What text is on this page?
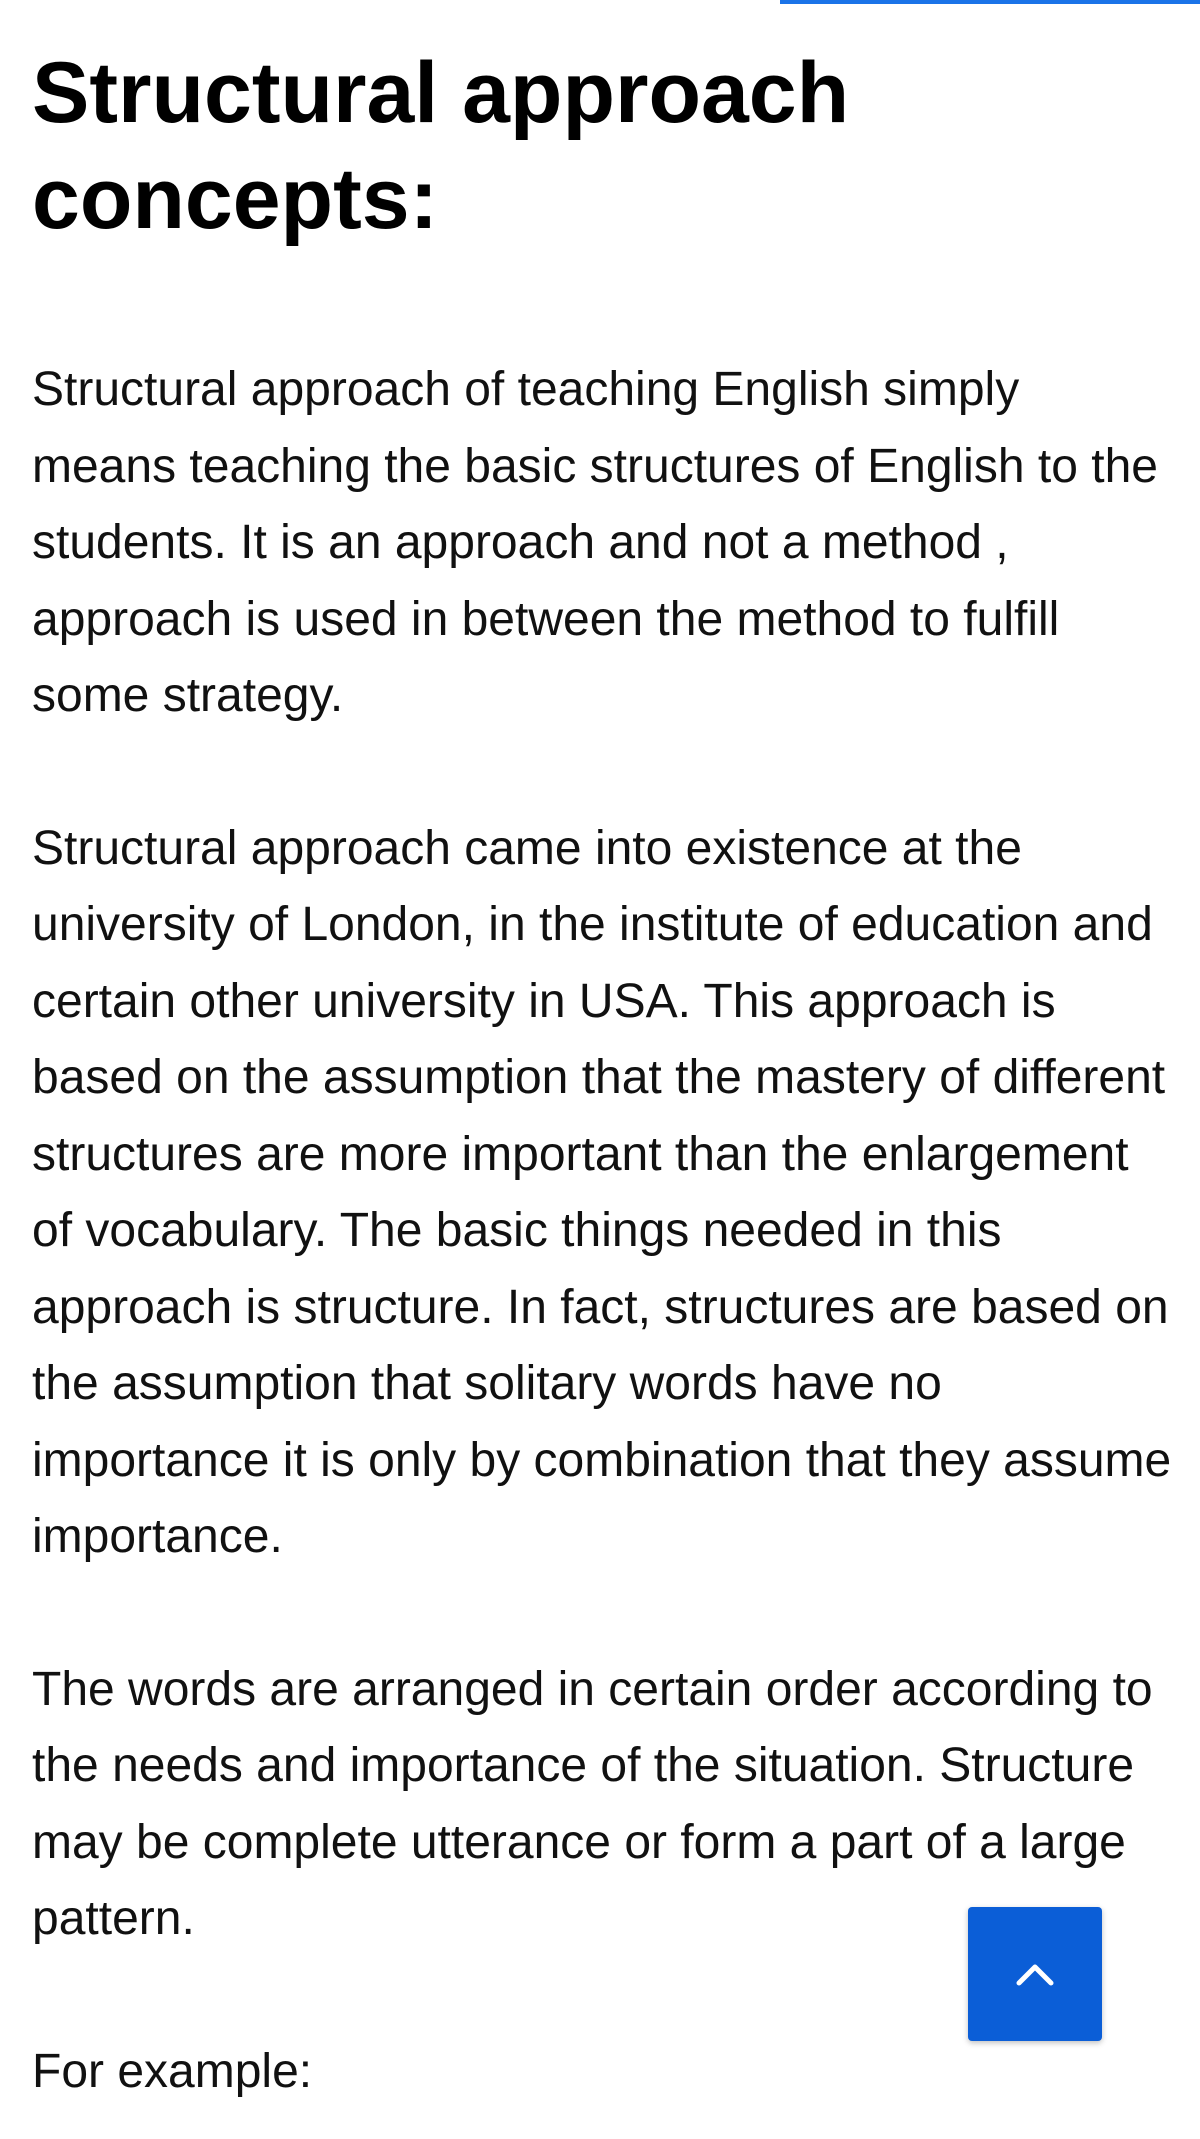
Structural approach concepts:

Structural approach of teaching English simply means teaching the basic structures of English to the students. It is an approach and not a method , approach is used in between the method to fulfill some strategy.

Structural approach came into existence at the university of London, in the institute of education and certain other university in USA. This approach is based on the assumption that the mastery of different structures are more important than the enlargement of vocabulary. The basic things needed in this approach is structure. In fact, structures are based on the assumption that solitary words have no importance it is only by combination that they assume importance.

The words are arranged in certain order according to the needs and importance of the situation. Structure may be complete utterance or form a part of a large pattern.

For example:
